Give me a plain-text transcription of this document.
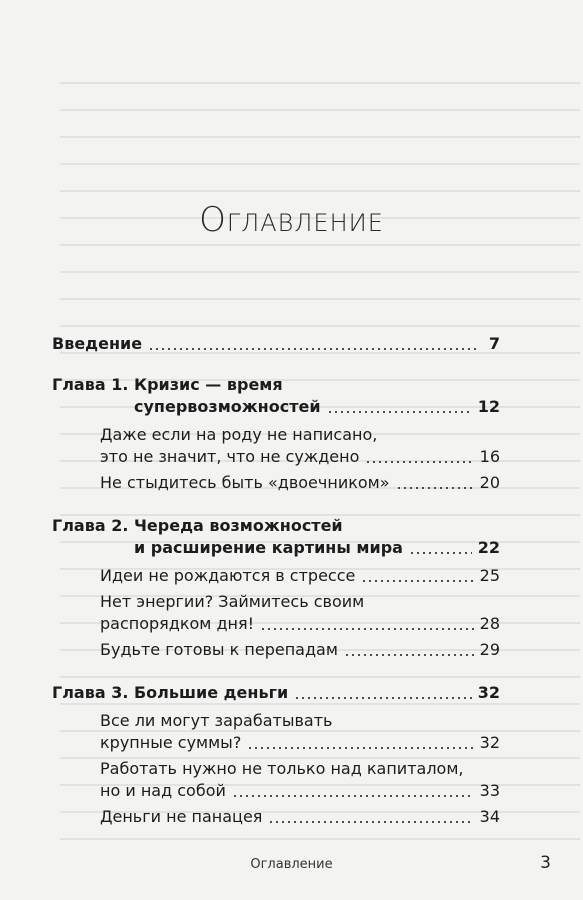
Оглавление
Введение	7
Глава 1. Кризис — время
супервозможностей	12
Даже если на роду не написано,
это не значит, что не суждено	16
Не стыдитесь быть «двоечником»	20
Глава 2. Череда возможностей
и расширение картины мира	22
Идеи не рождаются в стрессе	25
Нет энергии? Займитесь своим
распорядком дня!	28
Будьте готовы к перепадам	29
Глава 3. Большие деньги	32
Все ли могут зарабатывать
крупные суммы?	32
Работать нужно не только над капиталом,
но и над собой	33
Деньги не панацея	34
Оглавление	3
